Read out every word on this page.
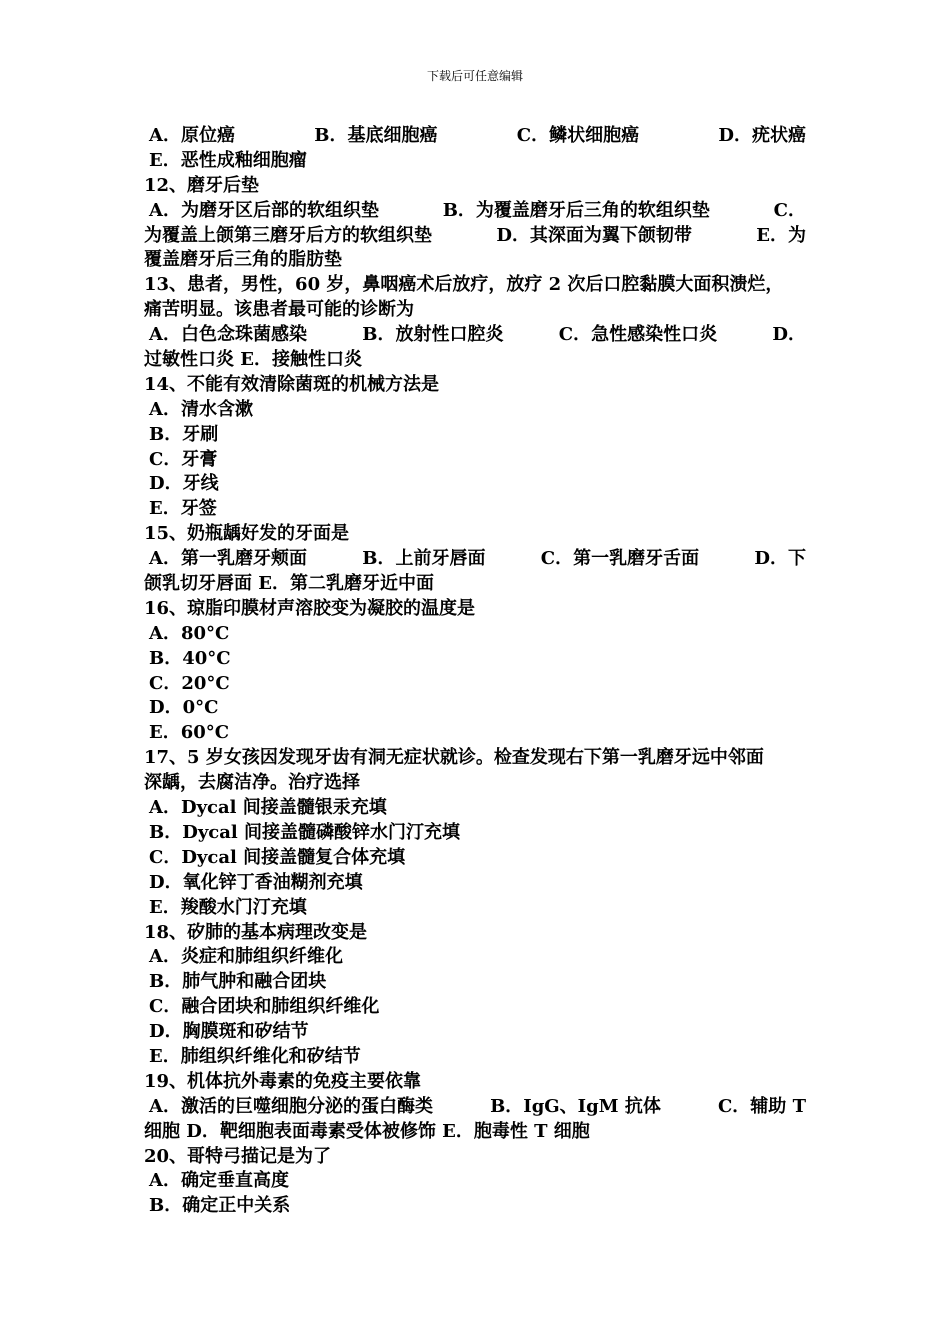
下载后可任意编辑
A．原位癌	B．基底细胞癌	C．鳞状细胞癌	D．疣状癌
E．恶性成釉细胞瘤
12、磨牙后垫
A．为磨牙区后部的软组织垫	B．为覆盖磨牙后三角的软组织垫	C．
为覆盖上颌第三磨牙后方的软组织垫	D．其深面为翼下颌韧带	E．为
覆盖磨牙后三角的脂肪垫
13、患者，男性，60 岁，鼻咽癌术后放疗，放疗 2 次后口腔黏膜大面积溃烂，
痛苦明显。该患者最可能的诊断为
A．白色念珠菌感染	B．放射性口腔炎	C．急性感染性口炎	D．
过敏性口炎 E．接触性口炎
14、不能有效清除菌斑的机械方法是
A．清水含漱
B．牙刷
C．牙膏
D．牙线
E．牙签
15、奶瓶龋好发的牙面是
A．第一乳磨牙颊面	B．上前牙唇面	C．第一乳磨牙舌面	D．下
颌乳切牙唇面 E．第二乳磨牙近中面
16、琼脂印膜材声溶胶变为凝胶的温度是
A．80°C
B．40°C
C．20°C
D．0°C
E．60°C
17、5 岁女孩因发现牙齿有洞无症状就诊。检查发现右下第一乳磨牙远中邻面
深龋，去腐洁净。治疗选择
A．Dycal 间接盖髓银汞充填
B．Dycal 间接盖髓磷酸锌水门汀充填
C．Dycal 间接盖髓复合体充填
D．氧化锌丁香油糊剂充填
E．羧酸水门汀充填
18、矽肺的基本病理改变是
A．炎症和肺组织纤维化
B．肺气肿和融合团块
C．融合团块和肺组织纤维化
D．胸膜斑和矽结节
E．肺组织纤维化和矽结节
19、机体抗外毒素的免疫主要依靠
A．激活的巨噬细胞分泌的蛋白酶类	B．IgG、IgM 抗体	C．辅助 T
细胞 D．靶细胞表面毒素受体被修饰 E．胞毒性 T 细胞
20、哥特弓描记是为了
A．确定垂直高度
B．确定正中关系
